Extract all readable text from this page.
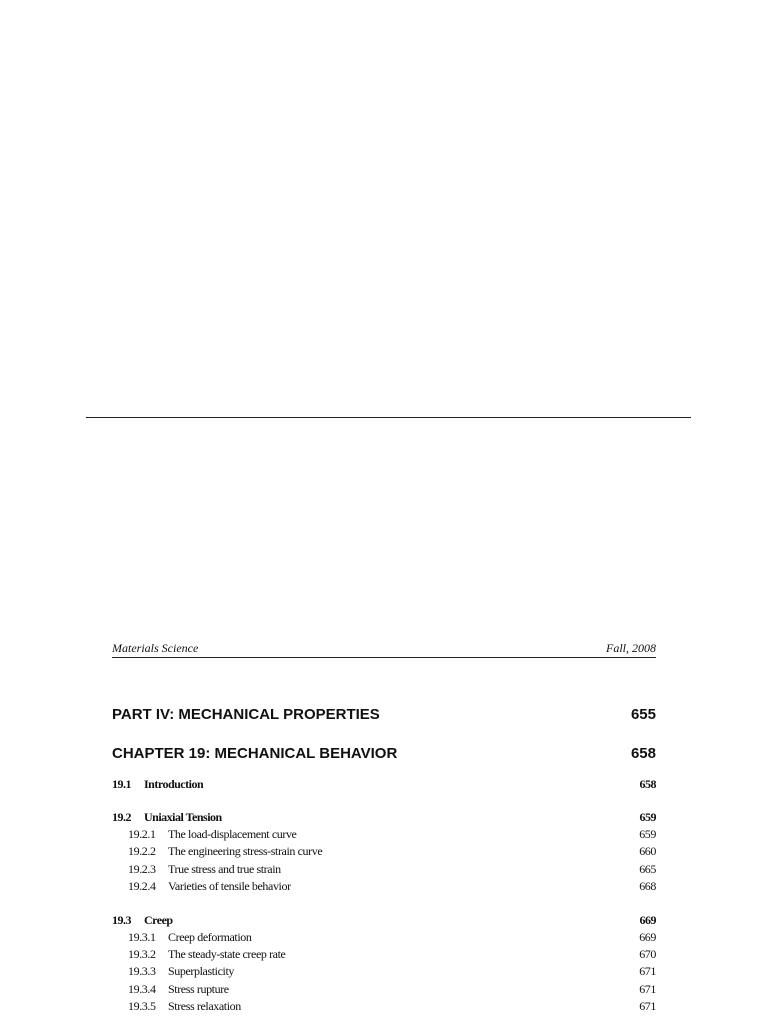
Materials Science	Fall, 2008
PART IV: MECHANICAL PROPERTIES	655
CHAPTER 19: MECHANICAL BEHAVIOR	658
19.1 Introduction	658
19.2 Uniaxial Tension	659
19.2.1 The load-displacement curve	659
19.2.2 The engineering stress-strain curve	660
19.2.3 True stress and true strain	665
19.2.4 Varieties of tensile behavior	668
19.3 Creep	669
19.3.1 Creep deformation	669
19.3.2 The steady-state creep rate	670
19.3.3 Superplasticity	671
19.3.4 Stress rupture	671
19.3.5 Stress relaxation	671
